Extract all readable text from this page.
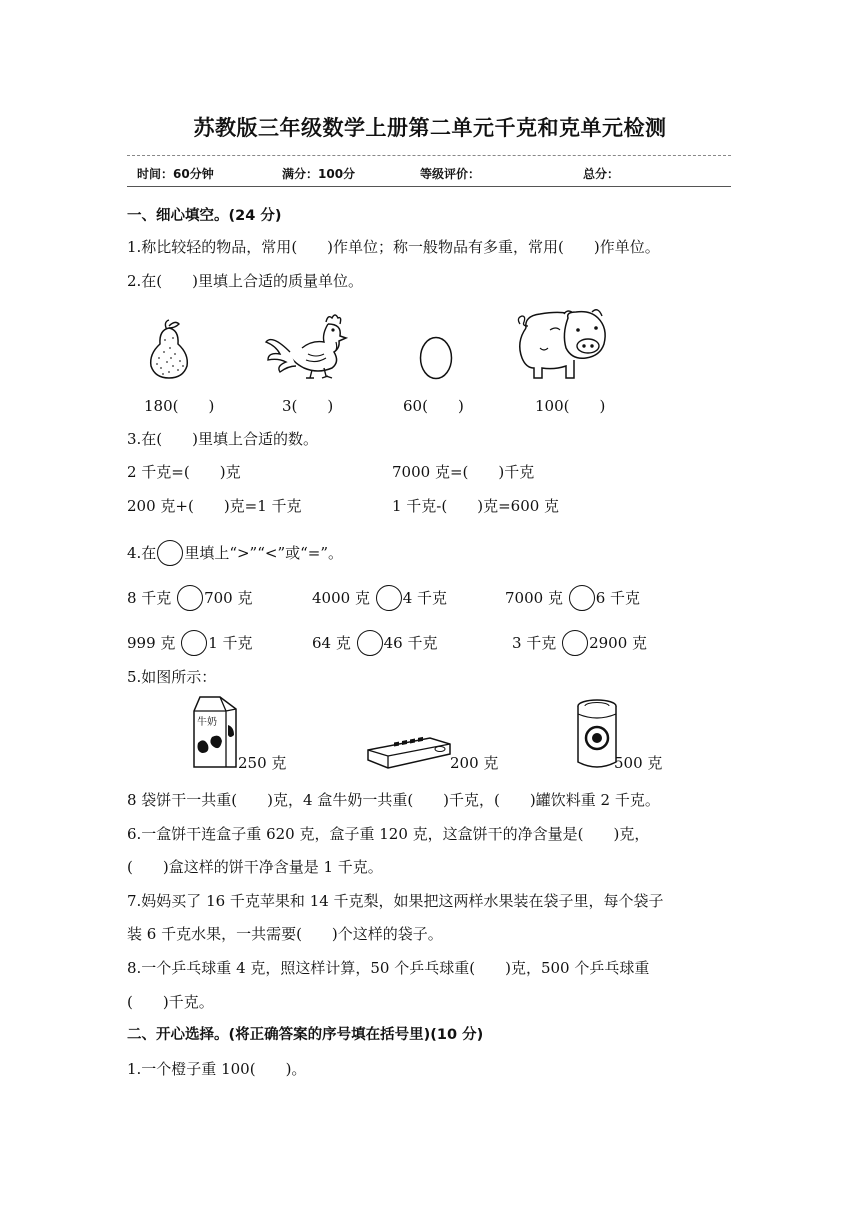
苏教版三年级数学上册第二单元千克和克单元检测
时间：60分钟	满分：100分	等级评价：	总分：
一、细心填空。(24 分)
1.称比较轻的物品，常用(　　)作单位；称一般物品有多重，常用(　　)作单位。
2.在(　　)里填上合适的质量单位。
180(　　)	3(　　)	60(　　)	100(　　)
3.在(　　)里填上合适的数。
2 千克=(　　)克	7000 克=(　　)千克
200 克+(　　)克=1 千克	1 千克-(　　)克=600 克
4.在 里填上“>”“<”或“=”。
8 千克 700 克	4000 克 4 千克	7000 克 6 千克
999 克 1 千克	64 克 46 千克	3 千克 2900 克
5.如图所示：
牛奶
250 克	200 克	500 克
8 袋饼干一共重(　　)克，4 盒牛奶一共重(　　)千克，(　　)罐饮料重 2 千克。
6.一盒饼干连盒子重 620 克，盒子重 120 克，这盒饼干的净含量是(　　)克，
(　　)盒这样的饼干净含量是 1 千克。
7.妈妈买了 16 千克苹果和 14 千克梨，如果把这两样水果装在袋子里，每个袋子
装 6 千克水果，一共需要(　　)个这样的袋子。
8.一个乒乓球重 4 克，照这样计算，50 个乒乓球重(　　)克，500 个乒乓球重
(　　)千克。
二、开心选择。(将正确答案的序号填在括号里)(10 分)
1.一个橙子重 100(　　)。
